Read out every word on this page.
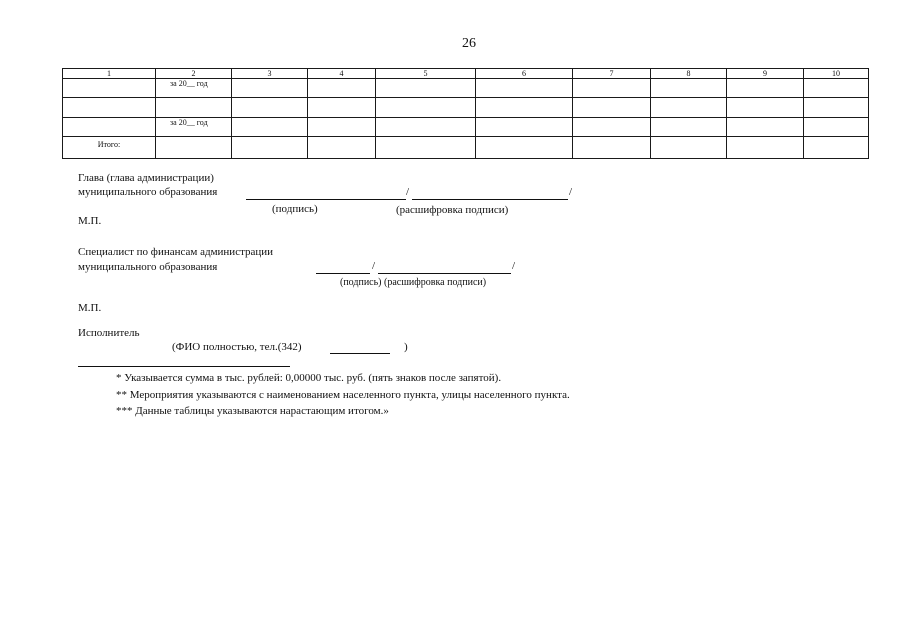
26
1	2	3	4	5	6	7	8	9	10
	за 20__ год								

	за 20__ год								
Итого:									
Глава (глава администрации)
муниципального образования	/	/
(подпись)	(расшифровка подписи)
М.П.
Специалист по финансам администрации
муниципального образования	/	/
(подпись) (расшифровка подписи)
М.П.
Исполнитель
(ФИО полностью, тел.(342)	)
* Указывается сумма в тыс. рублей: 0,00000 тыс. руб. (пять знаков после запятой).
** Мероприятия указываются с наименованием населенного пункта, улицы населенного пункта.
*** Данные таблицы указываются нарастающим итогом.»
